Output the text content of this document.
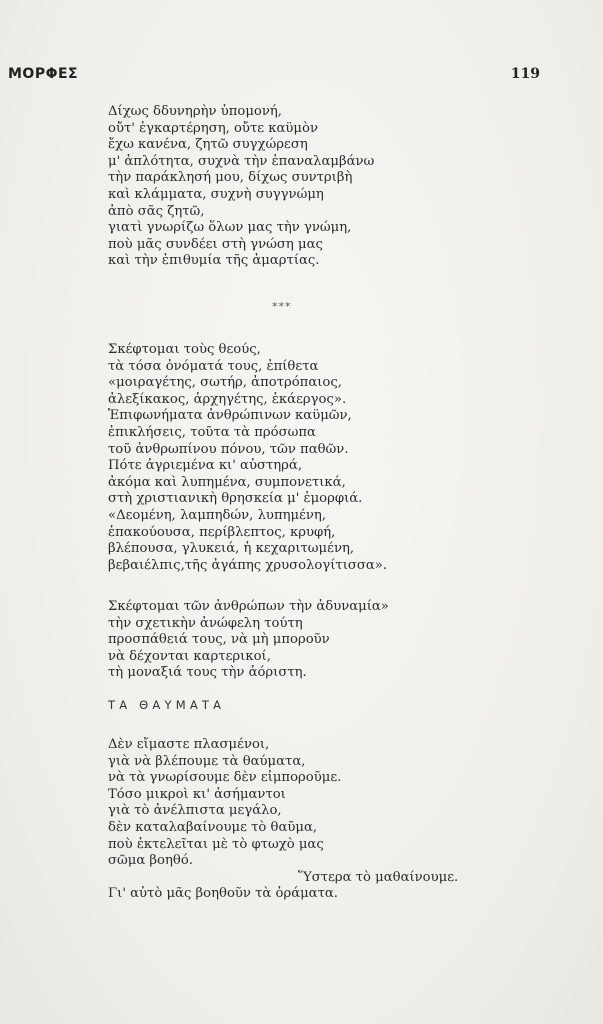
ΜΟΡΦΕΣ	119
Δίχως δδυνηρὴν ὑπομονή,
οὔτ' ἐγκαρτέρηση, οὔτε καϋμὸν
ἔχω κανένα, ζητῶ συγχώρεση
μ' ἁπλότητα, συχνὰ τὴν ἐπαναλαμβάνω
τὴν παράκλησή μου, δίχως συντριβὴ
καὶ κλάμματα, συχνὴ συγγνώμη
ἀπὸ σᾶς ζητῶ,
γιατὶ γνωρίζω ὅλων μας τὴν γνώμη,
ποὺ μᾶς συνδέει στὴ γνώση μας
καὶ τὴν ἐπιθυμία τῆς ἁμαρτίας.
***
Σκέφτομαι τοὺς θεούς,
τὰ τόσα ὀνόματά τους, ἐπίθετα
«μοιραγέτης, σωτήρ, ἀποτρόπαιος,
ἀλεξίκακος, ἀρχηγέτης, ἑκάεργος».
Ἐπιφωνήματα ἀνθρώπινων καϋμῶν,
ἐπικλήσεις, τοῦτα τὰ πρόσωπα
τοῦ ἀνθρωπίνου πόνου, τῶν παθῶν.
Πότε ἀγριεμένα κι' αὐστηρά,
ἀκόμα καὶ λυπημένα, συμπονετικά,
στὴ χριστιανικὴ θρησκεία μ' ἐμορφιά.
«Δεομένη, λαμπηδών, λυπημένη,
ἐπακούουσα, περίβλεπτος, κρυφή,
βλέπουσα, γλυκειά, ἡ κεχαριτωμένη,
βεβαιέλπις,τῆς ἀγάπης χρυσολογίτισσα».
Σκέφτομαι τῶν ἀνθρώπων τὴν ἀδυναμία»
τὴν σχετικὴν ἀνώφελη τούτη
προσπάθειά τους, νὰ μὴ μποροῦν
νὰ δέχονται καρτερικοί,
τὴ μοναξιά τους τὴν ἀόριστη.
ΤΑ ΘΑΥΜΑΤΑ
Δὲν εἴμαστε πλασμένοι,
γιὰ νὰ βλέπουμε τὰ θαύματα,
νὰ τὰ γνωρίσουμε δὲν εἰμποροῦμε.
Τόσο μικροὶ κι' ἀσήμαντοι
γιὰ τὸ ἀνέλπιστα μεγάλο,
δὲν καταλαβαίνουμε τὸ θαῦμα,
ποὺ ἐκτελεῖται μὲ τὸ φτωχὸ μας
σῶμα βοηθό.
Ὕστερα τὸ μαθαίνουμε.
Γι' αὐτὸ μᾶς βοηθοῦν τὰ ὁράματα.
